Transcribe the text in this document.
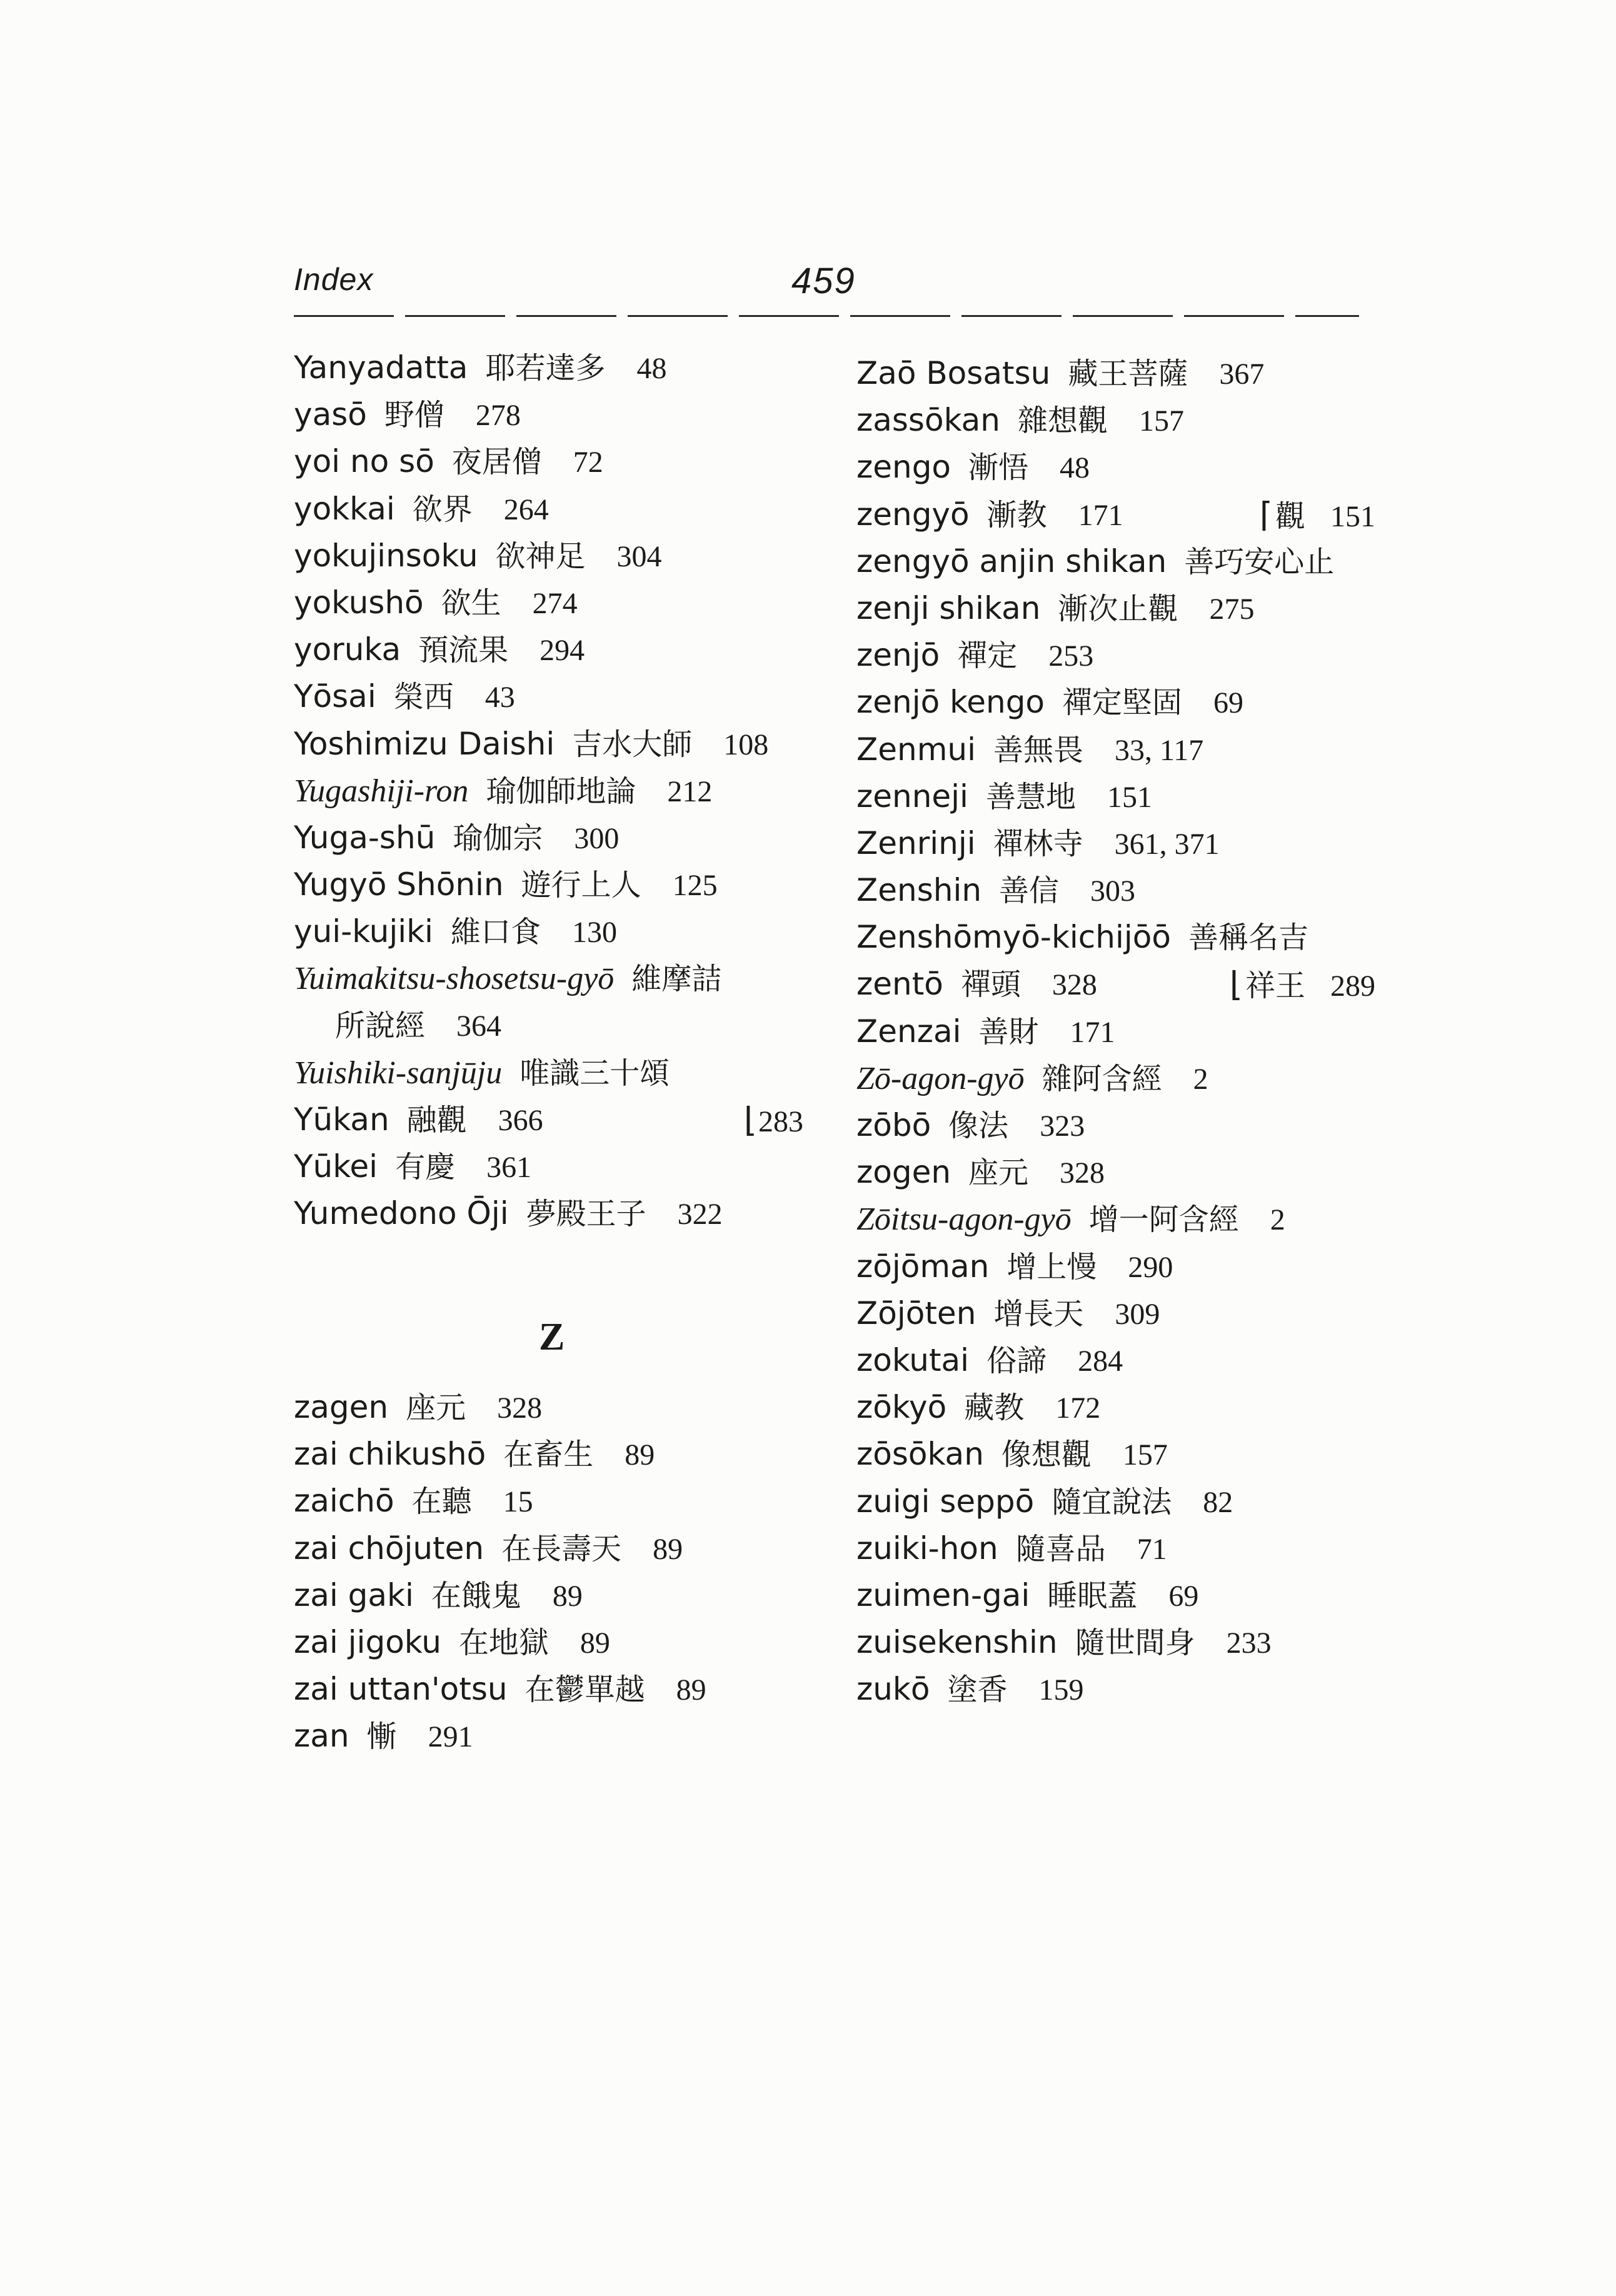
Index	459
Yanyadatta 耶若達多 48
yasō 野僧 278
yoi no sō 夜居僧 72
yokkai 欲界 264
yokujinsoku 欲神足 304
yokushō 欲生 274
yoruka 預流果 294
Yōsai 榮西 43
Yoshimizu Daishi 吉水大師 108
Yugashiji-ron 瑜伽師地論 212
Yuga-shū 瑜伽宗 300
Yugyō Shōnin 遊行上人 125
yui-kujiki 維口食 130
Yuimakitsu-shosetsu-gyō 維摩詰
所說經 364
Yuishiki-sanjūju 唯識三十頌
Yūkan 融觀 366	⌊283
Yūkei 有慶 361
Yumedono Ōji 夢殿王子 322
Z
zagen 座元 328
zai chikushō 在畜生 89
zaichō 在聽 15
zai chōjuten 在長壽天 89
zai gaki 在餓鬼 89
zai jigoku 在地獄 89
zai uttan'otsu 在鬱單越 89
zan 慚 291
Zaō Bosatsu 藏王菩薩 367
zassōkan 雜想觀 157
zengo 漸悟 48
zengyō 漸教 171	⌈觀 151
zengyō anjin shikan 善巧安心止
zenji shikan 漸次止觀 275
zenjō 禪定 253
zenjō kengo 禪定堅固 69
Zenmui 善無畏 33, 117
zenneji 善慧地 151
Zenrinji 禪林寺 361, 371
Zenshin 善信 303
Zenshōmyō-kichijōō 善稱名吉
zentō 禪頭 328	⌊祥王 289
Zenzai 善財 171
Zō-agon-gyō 雜阿含經 2
zōbō 像法 323
zogen 座元 328
Zōitsu-agon-gyō 增一阿含經 2
zōjōman 增上慢 290
Zōjōten 增長天 309
zokutai 俗諦 284
zōkyō 藏教 172
zōsōkan 像想觀 157
zuigi seppō 隨宜說法 82
zuiki-hon 隨喜品 71
zuimen-gai 睡眠蓋 69
zuisekenshin 隨世間身 233
zukō 塗香 159
